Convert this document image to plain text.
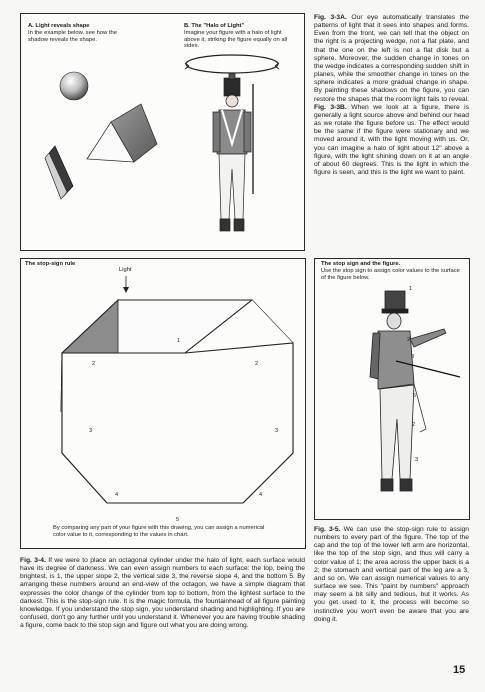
A. Light reveals shape
In the example below, see how the shadow reveals the shape.
B. The "Halo of Light"
Imagine your figure with a halo of light above it, striking the figure equally on all sides.
Fig. 3-3A. Our eye automatically translates the patterns of light that it sees into shapes and forms. Even from the front, we can tell that the object on the right is a projecting wedge, not a flat plate, and that the one on the left is not a flat disk but a sphere. Moreover, the sudden change in tones on the wedge indicates a corresponding sudden shift in planes, while the smoother change in tones on the sphere indicates a more gradual change in shape. By painting these shadows on the figure, you can restore the shapes that the room light fails to reveal. Fig. 3-3B. When we look at a figure, there is generally a light source above and behind our head as we rotate the figure before us. The effect would be the same if the figure were stationary and we moved around it, with the light moving with us. Or, you can imagine a halo of light about 12" above a figure, with the light shining down on it at an angle of about 60 degrees. This is the light in which the figure is seen, and this is the light we want to paint.
The stop-sign rule
Light
1
2	2
3	3
4	4
5
By comparing any part of your figure with this drawing, you can assign a numerical color value to it, corresponding to the values in chart.
The stop sign and the figure.
Use the stop sign to assign color values to the surface of the figure below.
1
2
3
5
2
3
Fig. 3-4. If we were to place an octagonal cylinder under the halo of light, each surface would have its degree of darkness. We can even assign numbers to each surface: the top, being the brightest, is 1, the upper slope 2, the vertical side 3, the reverse slope 4, and the bottom 5. By arranging these numbers around an end-view of the octagon, we have a simple diagram that expresses the color change of the cylinder from top to bottom, from the lightest surface to the darkest. This is the stop-sign rule. It is the magic formula, the fountainhead of all figure painting knowledge. If you understand the stop sign, you understand shading and highlighting. If you are confused, don't go any further until you understand it. Whenever you are having trouble shading a figure, come back to the stop sign and figure out what you are doing wrong.
Fig. 3-5. We can use the stop-sign rule to assign numbers to every part of the figure. The top of the cap and the top of the lower left arm are horizontal, like the top of the stop sign, and thus will carry a color value of 1; the area across the upper back is a 2; the stomach and vertical part of the leg are a 3, and so on. We can assign numerical values to any surface we see. This "paint by numbers" approach may seem a bit silly and tedious, but it works. As you get used to it, the process will become so instinctive you won't even be aware that you are doing it.
15
